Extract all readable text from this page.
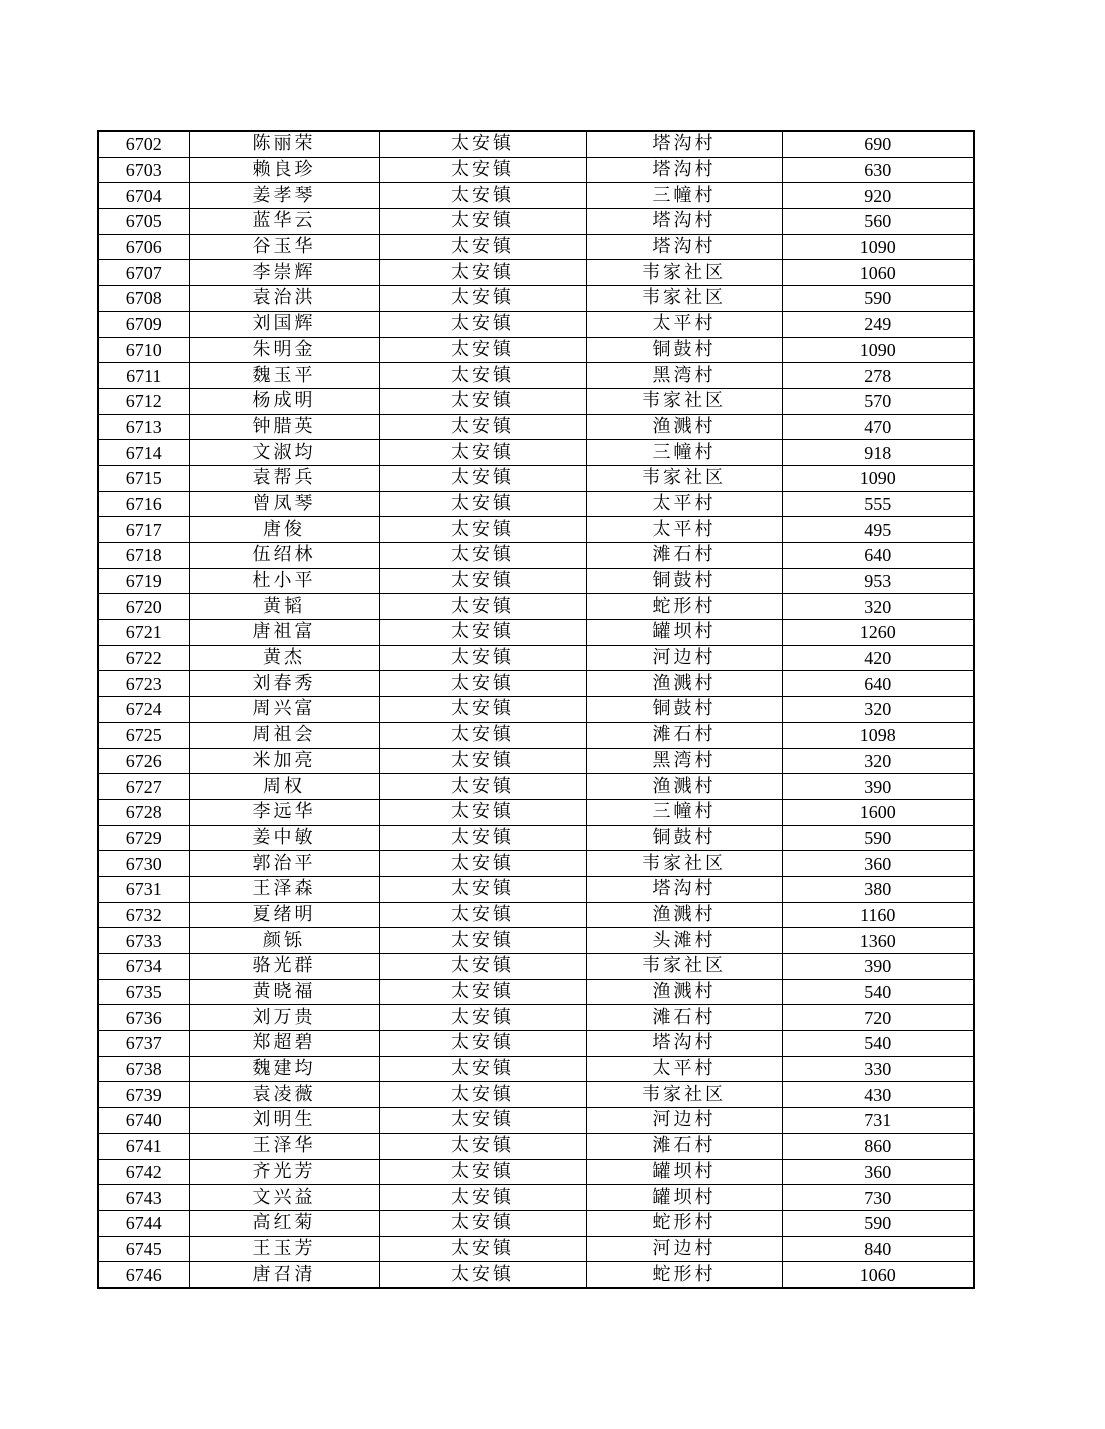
6702	陈丽荣	太安镇	塔沟村	690
6703	赖良珍	太安镇	塔沟村	630
6704	姜孝琴	太安镇	三幢村	920
6705	蓝华云	太安镇	塔沟村	560
6706	谷玉华	太安镇	塔沟村	1090
6707	李崇辉	太安镇	韦家社区	1060
6708	袁治洪	太安镇	韦家社区	590
6709	刘国辉	太安镇	太平村	249
6710	朱明金	太安镇	铜鼓村	1090
6711	魏玉平	太安镇	黑湾村	278
6712	杨成明	太安镇	韦家社区	570
6713	钟腊英	太安镇	渔溅村	470
6714	文淑均	太安镇	三幢村	918
6715	袁帮兵	太安镇	韦家社区	1090
6716	曾凤琴	太安镇	太平村	555
6717	唐俊	太安镇	太平村	495
6718	伍绍林	太安镇	滩石村	640
6719	杜小平	太安镇	铜鼓村	953
6720	黄韬	太安镇	蛇形村	320
6721	唐祖富	太安镇	罐坝村	1260
6722	黄杰	太安镇	河边村	420
6723	刘春秀	太安镇	渔溅村	640
6724	周兴富	太安镇	铜鼓村	320
6725	周祖会	太安镇	滩石村	1098
6726	米加亮	太安镇	黑湾村	320
6727	周权	太安镇	渔溅村	390
6728	李远华	太安镇	三幢村	1600
6729	姜中敏	太安镇	铜鼓村	590
6730	郭治平	太安镇	韦家社区	360
6731	王泽森	太安镇	塔沟村	380
6732	夏绪明	太安镇	渔溅村	1160
6733	颜铄	太安镇	头滩村	1360
6734	骆光群	太安镇	韦家社区	390
6735	黄晓福	太安镇	渔溅村	540
6736	刘万贵	太安镇	滩石村	720
6737	郑超碧	太安镇	塔沟村	540
6738	魏建均	太安镇	太平村	330
6739	袁凌薇	太安镇	韦家社区	430
6740	刘明生	太安镇	河边村	731
6741	王泽华	太安镇	滩石村	860
6742	齐光芳	太安镇	罐坝村	360
6743	文兴益	太安镇	罐坝村	730
6744	高红菊	太安镇	蛇形村	590
6745	王玉芳	太安镇	河边村	840
6746	唐召清	太安镇	蛇形村	1060
